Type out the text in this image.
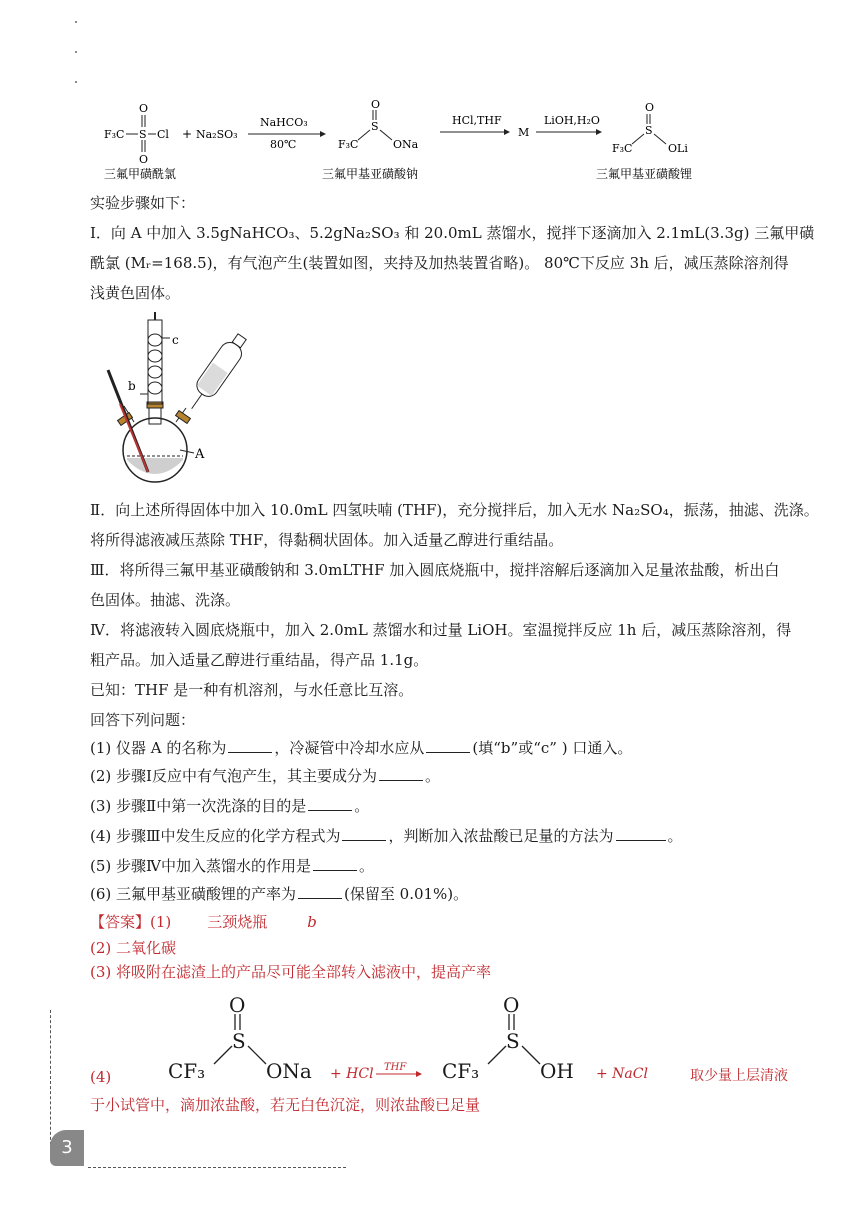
F₃C S Cl
O
O
三氟甲磺酰氯
+ Na₂SO₃
NaHCO₃
80℃	F₃C
S
ONa
O
三氟甲基亚磺酸钠
HCl,THF
M
LiOH,H₂O
F₃C
S
OLi
O
三氟甲基亚磺酸锂
实验步骤如下：
Ⅰ．向 A 中加入 3.5gNaHCO₃、5.2gNa₂SO₃ 和 20.0mL 蒸馏水，搅拌下逐滴加入 2.1mL(3.3g) 三氟甲磺
酰氯 (Mᵣ=168.5)，有气泡产生(装置如图，夹持及加热装置省略)。 80℃下反应 3h 后，减压蒸除溶剂得
浅黄色固体。
c
b
A
Ⅱ．向上述所得固体中加入 10.0mL 四氢呋喃 (THF)，充分搅拌后，加入无水 Na₂SO₄，振荡，抽滤、洗涤。
将所得滤液减压蒸除 THF，得黏稠状固体。加入适量乙醇进行重结晶。
Ⅲ．将所得三氟甲基亚磺酸钠和 3.0mLTHF 加入圆底烧瓶中，搅拌溶解后逐滴加入足量浓盐酸，析出白
色固体。抽滤、洗涤。
Ⅳ．将滤液转入圆底烧瓶中，加入 2.0mL 蒸馏水和过量 LiOH。室温搅拌反应 1h 后，减压蒸除溶剂，得
粗产品。加入适量乙醇进行重结晶，得产品 1.1g。
已知：THF 是一种有机溶剂，与水任意比互溶。
回答下列问题：
(1) 仪器 A 的名称为	，冷凝管中冷却水应从	(填“b”或“c” ) 口通入。
(2) 步骤Ⅰ反应中有气泡产生，其主要成分为	。
(3) 步骤Ⅱ中第一次洗涤的目的是	。
(4) 步骤Ⅲ中发生反应的化学方程式为	，判断加入浓盐酸已足量的方法为	。
(5) 步骤Ⅳ中加入蒸馏水的作用是	。
(6) 三氟甲基亚磺酸锂的产率为	(保留至 0.01%)。
【答案】(1) 三颈烧瓶	b
(2) 二氧化碳
(3) 将吸附在滤渣上的产品尽可能全部转入滤液中，提高产率
(4)	CF₃
S
ONa
O
+ HCl THF CF₃
S
OH
O
+ NaCl	取少量上层清液
于小试管中，滴加浓盐酸，若无白色沉淀，则浓盐酸已足量
3
